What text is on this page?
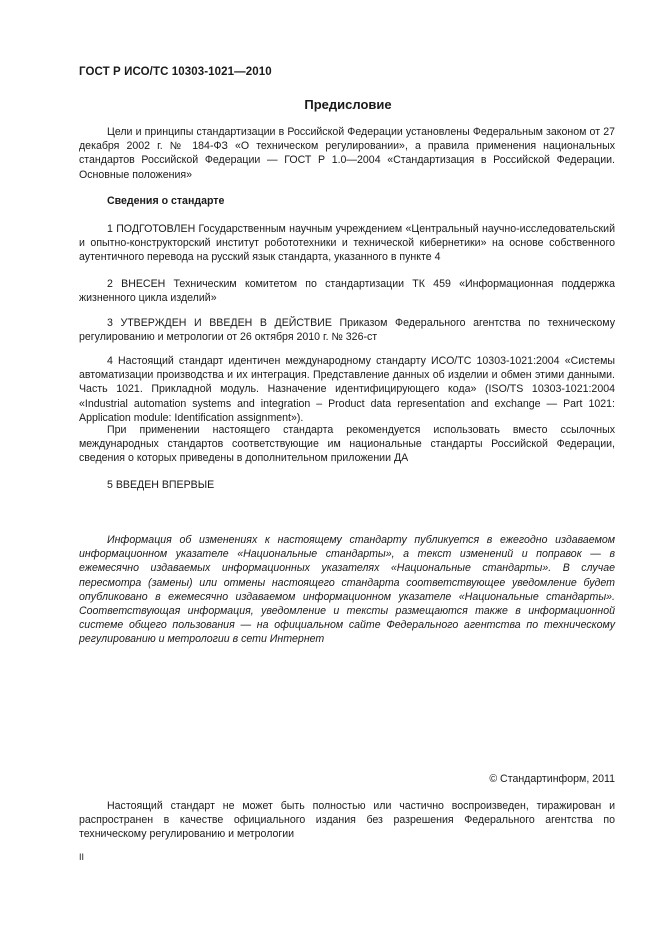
ГОСТ Р ИСО/ТС 10303-1021—2010
Предисловие

Цели и принципы стандартизации в Российской Федерации установлены Федеральным законом от 27 декабря 2002 г. № 184-ФЗ «О техническом регулировании», а правила применения национальных стандартов Российской Федерации — ГОСТ Р 1.0—2004 «Стандартизация в Российской Федерации. Основные положения»

Сведения о стандарте

1 ПОДГОТОВЛЕН Государственным научным учреждением «Центральный научно-исследовательский и опытно-конструкторский институт робототехники и технической кибернетики» на основе собственного аутентичного перевода на русский язык стандарта, указанного в пункте 4

2 ВНЕСЕН Техническим комитетом по стандартизации ТК 459 «Информационная поддержка жизненного цикла изделий»

3 УТВЕРЖДЕН И ВВЕДЕН В ДЕЙСТВИЕ Приказом Федерального агентства по техническому регулированию и метрологии от 26 октября 2010 г. № 326-ст

4 Настоящий стандарт идентичен международному стандарту ИСО/ТС 10303-1021:2004 «Системы автоматизации производства и их интеграция. Представление данных об изделии и обмен этими данными. Часть 1021. Прикладной модуль. Назначение идентифицирующего кода» (ISO/TS 10303-1021:2004 «Industrial automation systems and integration – Product data representation and exchange — Part 1021: Application module: Identification assignment»).

При применении настоящего стандарта рекомендуется использовать вместо ссылочных международных стандартов соответствующие им национальные стандарты Российской Федерации, сведения о которых приведены в дополнительном приложении ДА

5 ВВЕДЕН ВПЕРВЫЕ

Информация об изменениях к настоящему стандарту публикуется в ежегодно издаваемом информационном указателе «Национальные стандарты», а текст изменений и поправок — в ежемесячно издаваемых информационных указателях «Национальные стандарты». В случае пересмотра (замены) или отмены настоящего стандарта соответствующее уведомление будет опубликовано в ежемесячно издаваемом информационном указателе «Национальные стандарты». Соответствующая информация, уведомление и тексты размещаются также в информационной системе общего пользования — на официальном сайте Федерального агентства по техническому регулированию и метрологии в сети Интернет

© Стандартинформ, 2011

Настоящий стандарт не может быть полностью или частично воспроизведен, тиражирован и распространен в качестве официального издания без разрешения Федерального агентства по техническому регулированию и метрологии

II
